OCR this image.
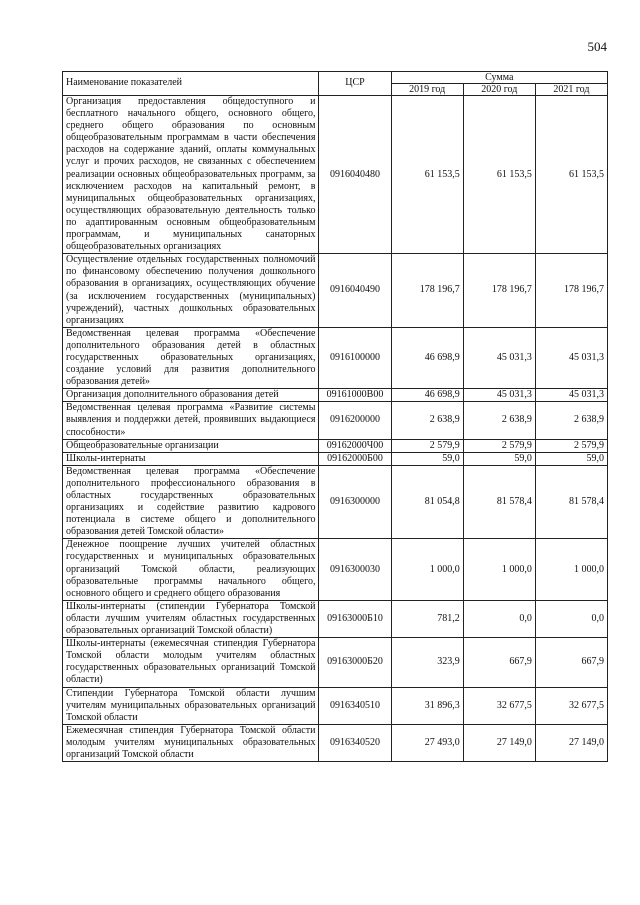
504
Наименование показателей	ЦСР	Сумма		
		2019 год	2020 год	2021 год
Организация предоставления общедоступного и бесплатного начального общего, основного общего, среднего общего образования по основным общеобразовательным программам в части обеспечения расходов на содержание зданий, оплаты коммунальных услуг и прочих расходов, не связанных с обеспечением реализации основных общеобразовательных программ, за исключением расходов на капитальный ремонт, в муниципальных общеобразовательных организациях, осуществляющих образовательную деятельность только по адаптированным основным общеобразовательным программам, и муниципальных санаторных общеобразовательных организациях	0916040480	61 153,5	61 153,5	61 153,5
Осуществление отдельных государственных полномочий по финансовому обеспечению получения дошкольного образования в организациях, осуществляющих обучение (за исключением государственных (муниципальных) учреждений), частных дошкольных образовательных организациях	0916040490	178 196,7	178 196,7	178 196,7
Ведомственная целевая программа «Обеспечение дополнительного образования детей в областных государственных образовательных организациях, создание условий для развития дополнительного образования детей»	0916100000	46 698,9	45 031,3	45 031,3
Организация дополнительного образования детей	09161000В00	46 698,9	45 031,3	45 031,3
Ведомственная целевая программа «Развитие системы выявления и поддержки детей, проявивших выдающиеся способности»	0916200000	2 638,9	2 638,9	2 638,9
Общеобразовательные организации	09162000Ч00	2 579,9	2 579,9	2 579,9
Школы-интернаты	09162000Б00	59,0	59,0	59,0
Ведомственная целевая программа «Обеспечение дополнительного профессионального образования в областных государственных образовательных организациях и содействие развитию кадрового потенциала в системе общего и дополнительного образования детей Томской области»	0916300000	81 054,8	81 578,4	81 578,4
Денежное поощрение лучших учителей областных государственных и муниципальных образовательных организаций Томской области, реализующих образовательные программы начального общего, основного общего и среднего общего образования	0916300030	1 000,0	1 000,0	1 000,0
Школы-интернаты (стипендии Губернатора Томской области лучшим учителям областных государственных образовательных организаций Томской области)	09163000Б10	781,2	0,0	0,0
Школы-интернаты (ежемесячная стипендия Губернатора Томской области молодым учителям областных государственных образовательных организаций Томской области)	09163000Б20	323,9	667,9	667,9
Стипендии Губернатора Томской области лучшим учителям муниципальных образовательных организаций Томской области	0916340510	31 896,3	32 677,5	32 677,5
Ежемесячная стипендия Губернатора Томской области молодым учителям муниципальных образовательных организаций Томской области	0916340520	27 493,0	27 149,0	27 149,0
